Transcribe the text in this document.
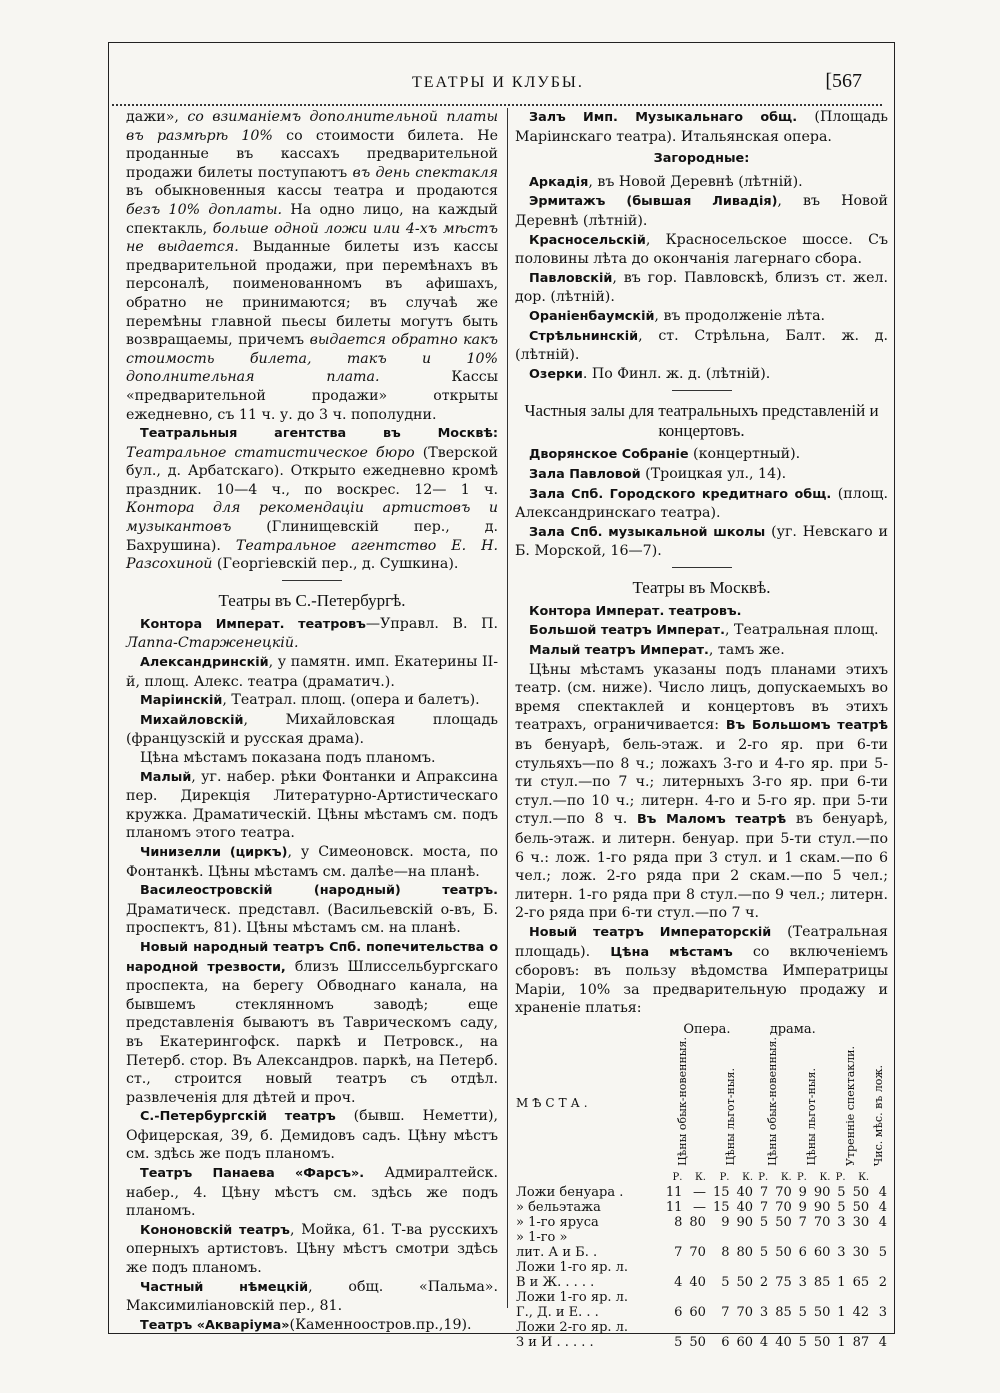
ТЕАТРЫ И КЛУБЫ.	[567

дажи», со взиманіемъ дополнительной платы въ размѣрѣ 10% со стоимости билета. Не проданные въ кассахъ предварительной продажи билеты поступаютъ въ день спектакля въ обыкновенныя кассы театра и продаются безъ 10% доплаты. На одно лицо, на каждый спектакль, больше одной ложи или 4-хъ мѣстъ не выдается. Выданные билеты изъ кассы предварительной продажи, при перемѣнахъ въ персоналѣ, поименованномъ въ афишахъ, обратно не принимаются; въ случаѣ же перемѣны главной пьесы билеты могутъ быть возвращаемы, причемъ выдается обратно какъ стоимость билета, такъ и 10% дополнительная плата. Кассы «предварительной продажи» открыты ежедневно, съ 11 ч. у. до 3 ч. пополудни.

Театральныя агентства въ Москвѣ: Театральное статистическое бюро (Тверской бул., д. Арбатскаго). Открыто ежедневно кромѣ праздник. 10—4 ч., по воскрес. 12— 1 ч. Контора для рекомендаціи артистовъ и музыкантовъ (Глинищевскій пер., д. Бахрушина). Театральное агентство Е. Н. Разсохиной (Георгіевскій пер., д. Сушкина).

Театры въ С.-Петербургѣ.

Контора Императ. театровъ—Управл. В. П. Лаппа-Старженецкій.

Александринскій, у памятн. имп. Екатерины II-й, площ. Алекс. театра (драматич.).

Маріинскій, Театрал. площ. (опера и балетъ).

Михайловскій, Михайловская площадь (французскій и русская драма).

Цѣна мѣстамъ показана подъ планомъ.

Малый, уг. набер. рѣки Фонтанки и Апраксина пер. Дирекція Литературно-Артистическаго кружка. Драматическій. Цѣны мѣстамъ см. подъ планомъ этого театра.

Чинизелли (циркъ), у Симеоновск. моста, по Фонтанкѣ. Цѣны мѣстамъ см. далѣе—на планѣ.

Василеостровскій (народный) театръ. Драматическ. представл. (Васильевскій о-въ, Б. проспектъ, 81). Цѣны мѣстамъ см. на планѣ.

Новый народный театръ Спб. попечительства о народной трезвости, близъ Шлиссельбургскаго проспекта, на берегу Обводнаго канала, на бывшемъ стеклянномъ заводѣ; еще представленія бываютъ въ Таврическомъ саду, въ Екатерингофск. паркѣ и Петровск., на Петерб. стор. Въ Александров. паркѣ, на Петерб. ст., строится новый театръ съ отдѣл. развлеченія для дѣтей и проч.

С.-Петербургскій театръ (бывш. Неметти), Офицерская, 39, б. Демидовъ садъ. Цѣну мѣстъ см. здѣсь же подъ планомъ.

Театръ Панаева «Фарсъ». Адмиралтейск. набер., 4. Цѣну мѣстъ см. здѣсь же подъ планомъ.

Кононовскій театръ, Мойка, 61. Т-ва русскихъ оперныхъ артистовъ. Цѣну мѣстъ смотри здѣсь же подъ планомъ.

Частный нѣмецкій, общ. «Пальма». Максимиліановскій пер., 81.

Театръ «Акваріума»(Каменноостров.пр.,19).

Залъ Имп. Музыкальнаго общ. (Площадь Маріинскаго театра). Итальянская опера.

Загородные:

Аркадія, въ Новой Деревнѣ (лѣтній).

Эрмитажъ (бывшая Ливадія), въ Новой Деревнѣ (лѣтній).

Красносельскій, Красносельское шоссе. Съ половины лѣта до окончанія лагернаго сбора.

Павловскій, въ гор. Павловскѣ, близъ ст. жел. дор. (лѣтній).

Ораніенбаумскій, въ продолженіе лѣта.

Стрѣльнинскій, ст. Стрѣльна, Балт. ж. д. (лѣтній).

Озерки. По Финл. ж. д. (лѣтній).

Частныя залы для театральныхъ представленій и концертовъ.

Дворянское Собраніе (концертный).

Зала Павловой (Троицкая ул., 14).

Зала Спб. Городского кредитнаго общ. (площ. Александринскаго театра).

Зала Спб. музыкальной школы (уг. Невскаго и Б. Морской, 16—7).

Театры въ Москвѣ.

Контора Императ. театровъ.

Большой театръ Императ., Театральная площ.

Малый театръ Императ., тамъ же.

Цѣны мѣстамъ указаны подъ планами этихъ театр. (см. ниже). Число лицъ, допускаемыхъ во время спектаклей и концертовъ въ этихъ театрахъ, ограничивается: Въ Большомъ театрѣ въ бенуарѣ, бель-этаж. и 2-го яр. при 6-ти стульяхъ—по 8 ч.; ложахъ 3-го и 4-го яр. при 5-ти стул.—по 7 ч.; литерныхъ 3-го яр. при 6-ти стул.—по 10 ч.; литерн. 4-го и 5-го яр. при 5-ти стул.—по 8 ч. Въ Маломъ театрѣ въ бенуарѣ, бель-этаж. и литерн. бенуар. при 5-ти стул.—по 6 ч.: лож. 1-го ряда при 3 стул. и 1 скам.—по 6 чел.; лож. 2-го ряда при 2 скам.—по 5 чел.; литерн. 1-го ряда при 8 стул.—по 9 чел.; литерн. 2-го ряда при 6-ти стул.—по 7 ч.

Новый театръ Императорскій (Театральная площадь). Цѣна мѣстамъ со включеніемъ сборовъ: въ пользу вѣдомства Императрицы Маріи, 10% за предварительную продажу и храненіе платья:

	Опера.				драма.						
МѢСТА.	Цѣны обык-новенныя.		Цѣны льгот-ныя.		Цѣны обык-новенныя.		Цѣны льгот-ныя.		Утренніе спектакли.		Чис. мѣс. въ лож.
	Р.	К.	Р.	К.	Р.	К.	Р.	К.	Р.	К.	
Ложи бенуара .	11	—	15	40	7	70	9	90	5	50	4
» бельэтажа	11	—	15	40	7	70	9	90	5	50	4
» 1-го яруса	8	80	9	90	5	50	7	70	3	30	4
» 1-го »											
лит. А и Б. .	7	70	8	80	5	50	6	60	3	30	5
Ложи 1-го яр. л.											
В и Ж. . . . .	4	40	5	50	2	75	3	85	1	65	2
Ложи 1-го яр. л.											
Г., Д. и Е. . .	6	60	7	70	3	85	5	50	1	42	3
Ложи 2-го яр. л.											
З и И . . . . .	5	50	6	60	4	40	5	50	1	87	4
